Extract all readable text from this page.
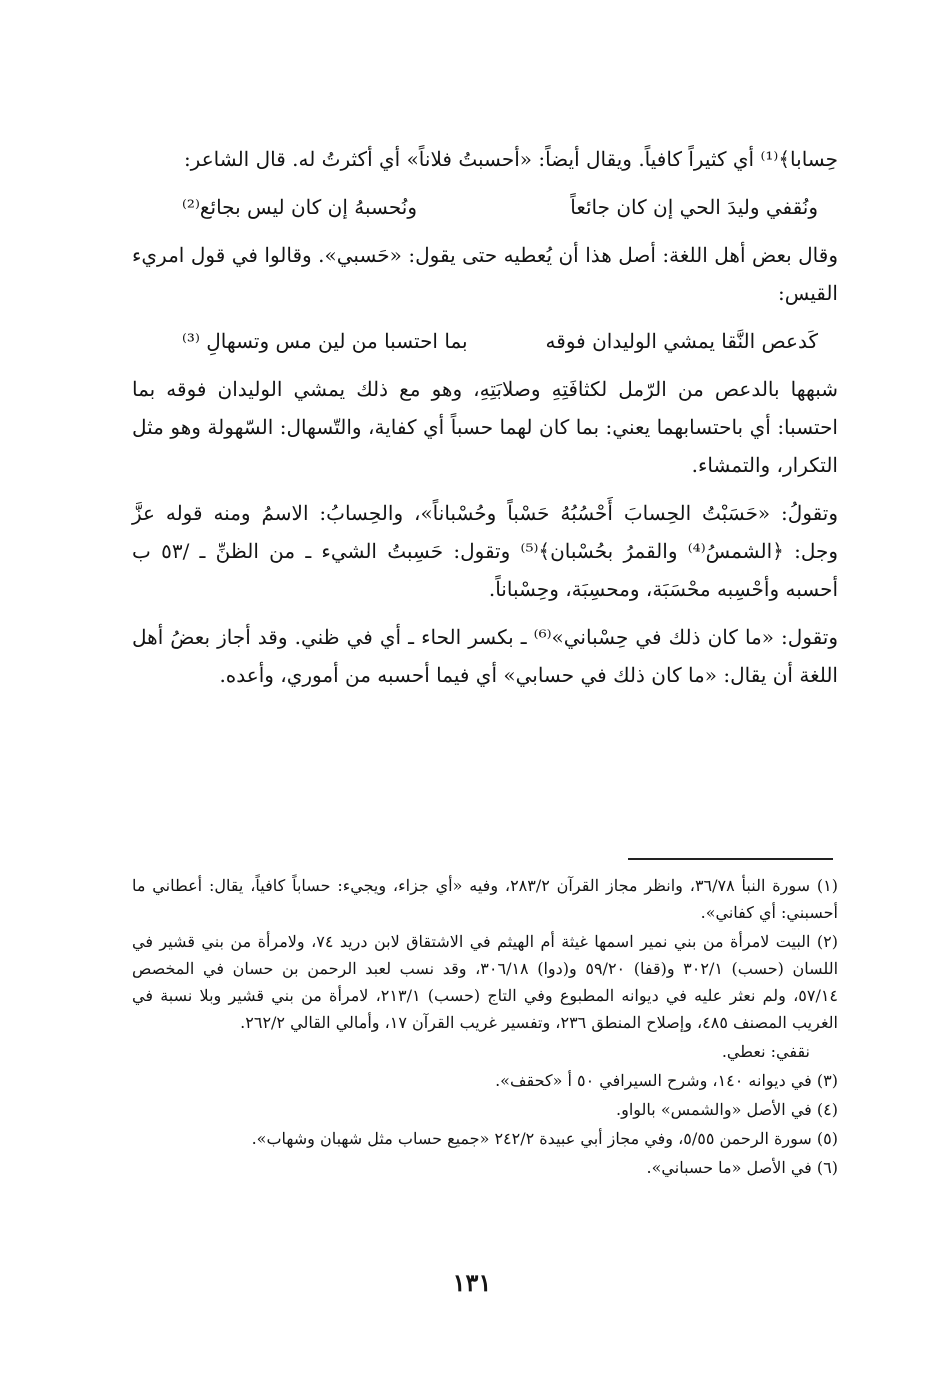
حِسابا﴾⁽¹⁾ أي كثيراً كافياً. ويقال أيضاً: «أحسبتُ فلاناً» أي أكثرتُ له. قال الشاعر:

ونُقفي وليدَ الحي إن كان جائعاً
ونُحسبهُ إن كان ليس بجائع⁽²⁾

وقال بعض أهل اللغة: أصل هذا أن يُعطيه حتى يقول: «حَسبي». وقالوا في قول امريء القيس:

كَدعص النَّقا يمشي الوليدان فوقه
بما احتسبا من لين مس وتسهالِ ⁽³⁾

شبهها بالدعص من الرّمل لكثافَتِهِ وصلابَتِهِ، وهو مع ذلك يمشي الوليدان فوقه بما احتسبا: أي باحتسابهما يعني: بما كان لهما حسباً أي كفاية، والتّسهال: السّهولة وهو مثل التكرار، والتمشاء.

وتقولُ: «حَسَبْتُ الحِسابَ أَحْسُبُهُ حَسْباً وحُسْباناً»، والحِسابُ: الاسمُ ومنه قوله عزَّ وجل: ﴿الشمسُ⁽⁴⁾ والقمرُ بحُسْبان﴾⁽⁵⁾ وتقول: حَسِبتُ الشيء ـ من الظنِّ ـ /٥٣ ب أحسبه وأحْسِبه محْسَبَة، ومحسِبَة، وحِسْباناً.

وتقول: «ما كان ذلك في حِسْباني»⁽⁶⁾ ـ بكسر الحاء ـ أي في ظني. وقد أجاز بعضُ أهل اللغة أن يقال: «ما كان ذلك في حسابي» أي فيما أحسبه من أموري، وأعده.

(١) سورة النبأ ٣٦/٧٨، وانظر مجاز القرآن ٢٨٣/٢، وفيه «أي جزاء، ويجيء: حساباً كافياً، يقال: أعطاني ما أحسبني: أي كفاني».

(٢) البيت لامرأة من بني نمير اسمها غيثة أم الهيثم في الاشتقاق لابن دريد ٧٤، ولامرأة من بني قشير في اللسان (حسب) ٣٠٢/١ و(قفا) ٥٩/٢٠ و(دوا) ٣٠٦/١٨، وقد نسب لعبد الرحمن بن حسان في المخصص ٥٧/١٤، ولم نعثر عليه في ديوانه المطبوع وفي التاج (حسب) ٢١٣/١، لامرأة من بني قشير وبلا نسبة في الغريب المصنف ٤٨٥، وإصلاح المنطق ٢٣٦، وتفسير غريب القرآن ١٧، وأمالي القالي ٢٦٢/٢.

نقفي: نعطي.

(٣) في ديوانه ١٤٠، وشرح السيرافي ٥٠ أ «كحقف».

(٤) في الأصل «والشمس» بالواو.

(٥) سورة الرحمن ٥/٥٥، وفي مجاز أبي عبيدة ٢٤٢/٢ «جميع حساب مثل شهبان وشهاب».

(٦) في الأصل «ما حسباني».

١٣١
